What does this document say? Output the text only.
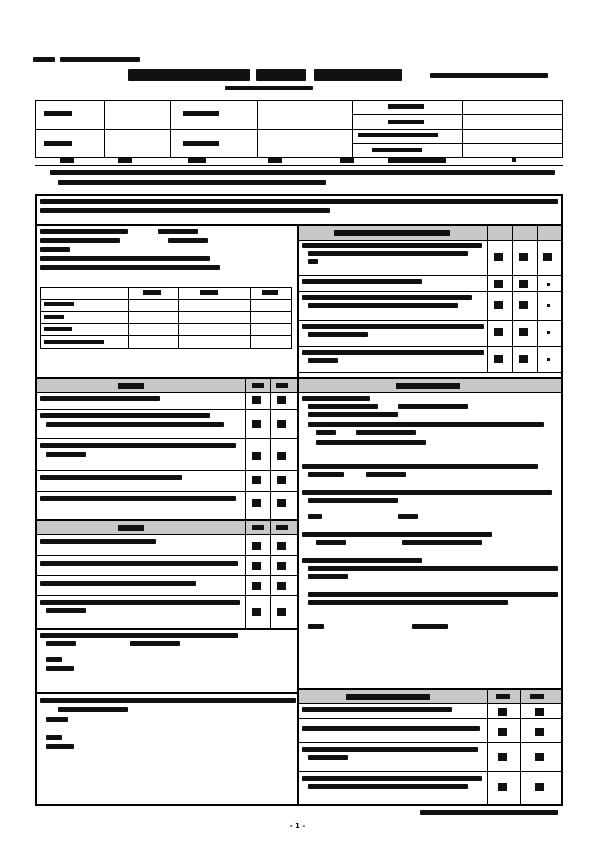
- 1 -
